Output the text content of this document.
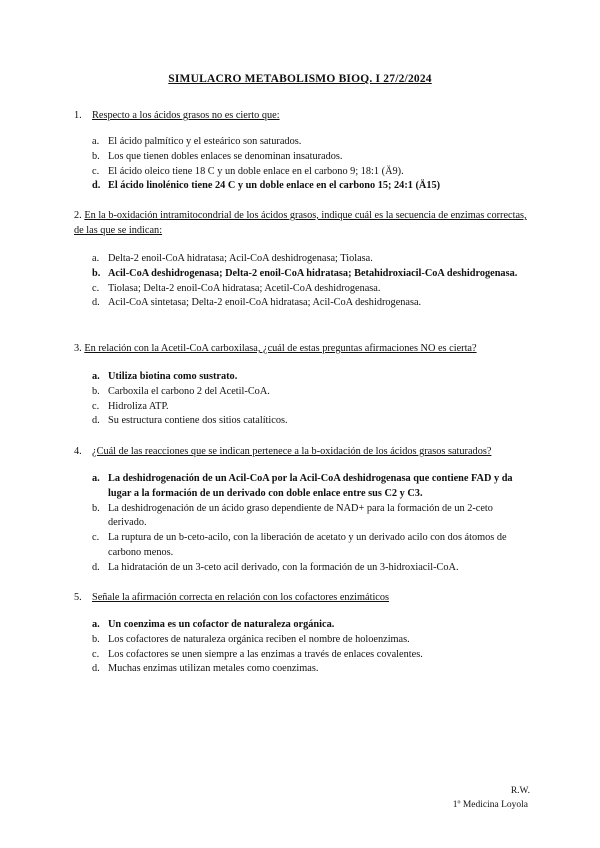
SIMULACRO METABOLISMO BIOQ. I 27/2/2024
1. Respecto a los ácidos grasos no es cierto que:
a. El ácido palmítico y el esteárico son saturados.
b. Los que tienen dobles enlaces se denominan insaturados.
c. El ácido oleico tiene 18 C y un doble enlace en el carbono 9; 18:1 (Ä9).
d. El ácido linolénico tiene 24 C y un doble enlace en el carbono 15; 24:1 (Ä15)
2. En la b-oxidación intramitocondrial de los ácidos grasos, indique cuál es la secuencia de enzimas correctas, de las que se indican:
a. Delta-2 enoil-CoA hidratasa; Acil-CoA deshidrogenasa; Tiolasa.
b. Acil-CoA deshidrogenasa; Delta-2 enoil-CoA hidratasa; Betahidroxiacil-CoA deshidrogenasa.
c. Tiolasa; Delta-2 enoil-CoA hidratasa; Acetil-CoA deshidrogenasa.
d. Acil-CoA sintetasa; Delta-2 enoil-CoA hidratasa; Acil-CoA deshidrogenasa.
3. En relación con la Acetil-CoA carboxilasa, ¿cuál de estas preguntas afirmaciones NO es cierta?
a. Utiliza biotina como sustrato.
b. Carboxila el carbono 2 del Acetil-CoA.
c. Hidroliza ATP.
d. Su estructura contiene dos sitios catalíticos.
4. ¿Cuál de las reacciones que se indican pertenece a la b-oxidación de los ácidos grasos saturados?
a. La deshidrogenación de un Acil-CoA por la Acil-CoA deshidrogenasa que contiene FAD y da lugar a la formación de un derivado con doble enlace entre sus C2 y C3.
b. La deshidrogenación de un ácido graso dependiente de NAD+ para la formación de un 2-ceto derivado.
c. La ruptura de un b-ceto-acilo, con la liberación de acetato y un derivado acilo con dos átomos de carbono menos.
d. La hidratación de un 3-ceto acil derivado, con la formación de un 3-hidroxiacil-CoA.
5. Señale la afirmación correcta en relación con los cofactores enzimáticos
a. Un coenzima es un cofactor de naturaleza orgánica.
b. Los cofactores de naturaleza orgánica reciben el nombre de holoenzimas.
c. Los cofactores se unen siempre a las enzimas a través de enlaces covalentes.
d. Muchas enzimas utilizan metales como coenzimas.
R.W.
1º Medicina Loyola
